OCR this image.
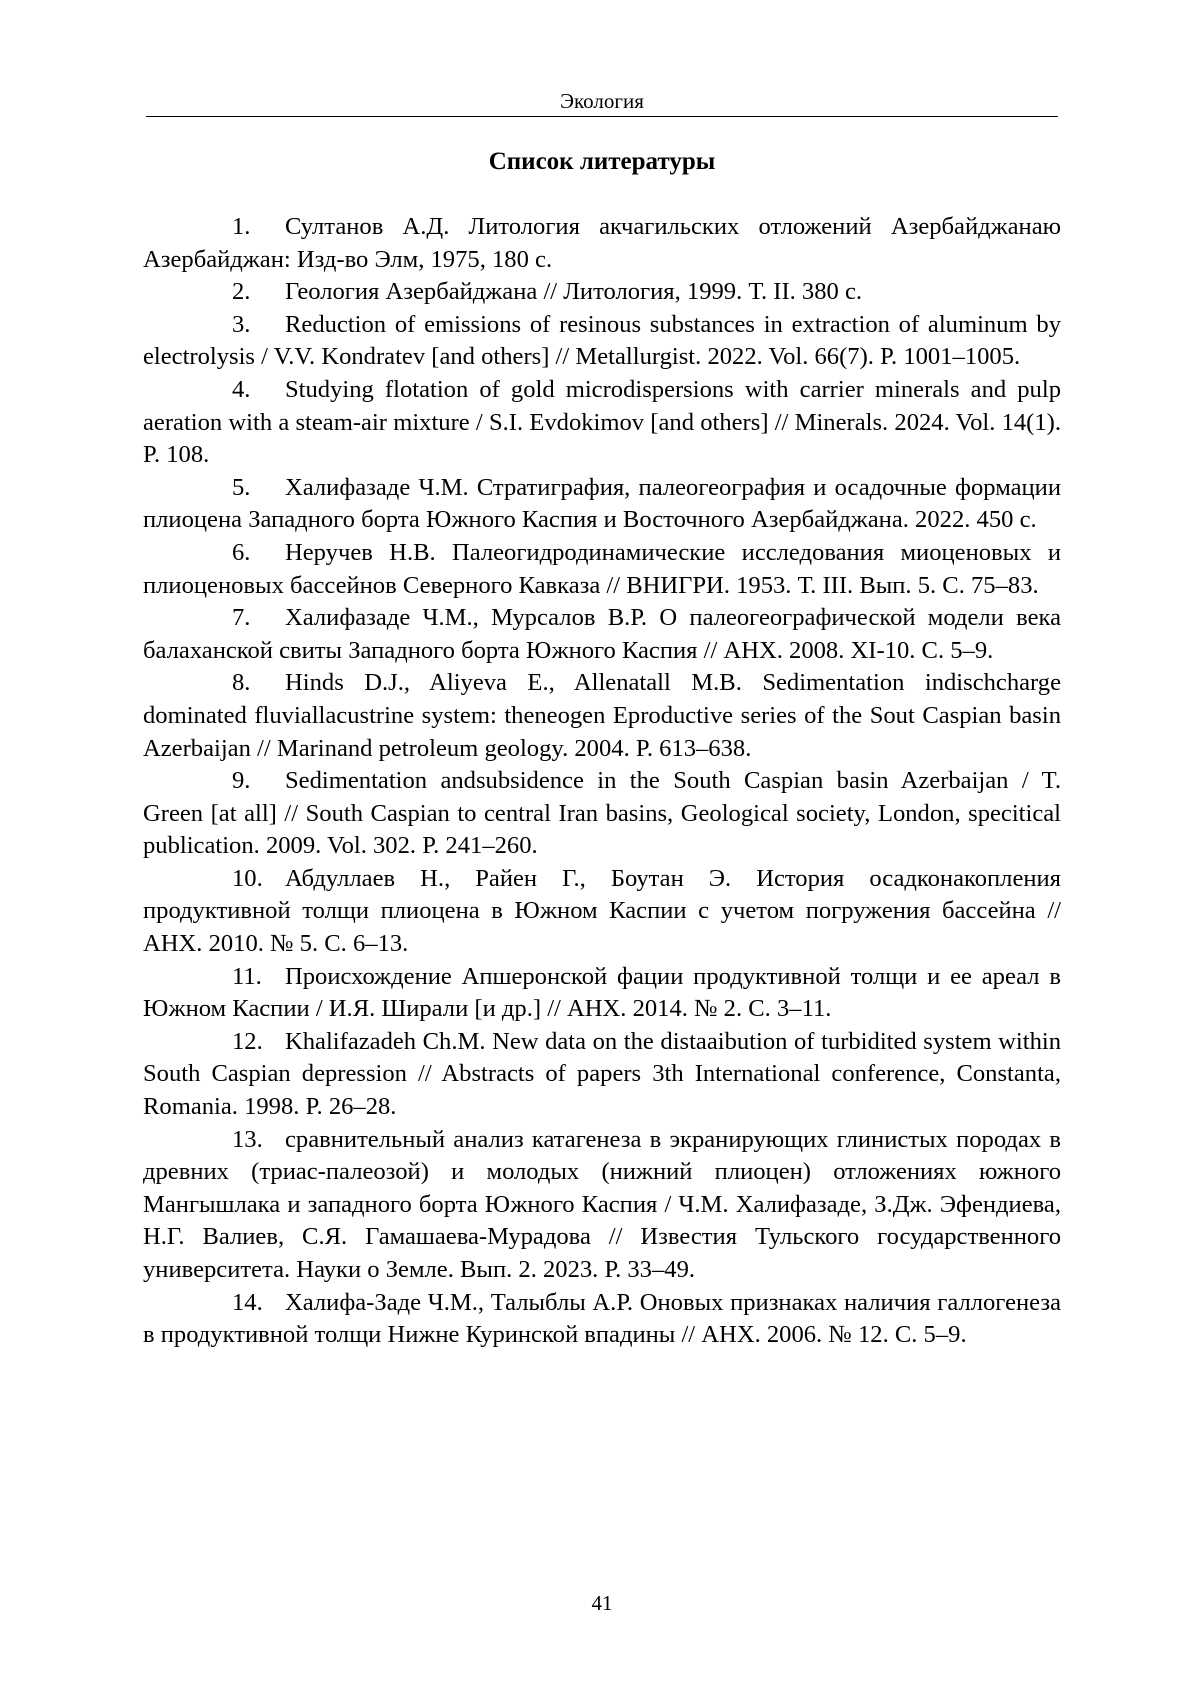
Экология
Список литературы
1. Султанов А.Д. Литология акчагильских отложений Азербайджанаю Азербайджан: Изд-во Элм, 1975, 180 с.
2. Геология Азербайджана // Литология, 1999. Т. II. 380 с.
3. Reduction of emissions of resinous substances in extraction of aluminum by electrolysis / V.V. Kondratev [and others] // Metallurgist. 2022. Vol. 66(7). P. 1001–1005.
4. Studying flotation of gold microdispersions with carrier minerals and pulp aeration with a steam-air mixture / S.I. Evdokimov [and others] // Minerals. 2024. Vol. 14(1). P. 108.
5. Халифазаде Ч.М. Стратиграфия, палеогеография и осадочные формации плиоцена Западного борта Южного Каспия и Восточного Азербайджана. 2022. 450 с.
6. Неручев Н.В. Палеогидродинамические исследования миоценовых и плиоценовых бассейнов Северного Кавказа // ВНИГРИ. 1953. Т. III. Вып. 5. С. 75–83.
7. Халифазаде Ч.М., Мурсалов В.Р. О палеогеографической модели века балаханской свиты Западного борта Южного Каспия // АНХ. 2008. XI-10. С. 5–9.
8. Hinds D.J., Aliyeva E., Allenatall M.B. Sedimentation indischcharge dominated fluviallacustrine system: theneogen Eproductive series of the Sout Caspian basin Azerbaijan // Marinand petroleum geology. 2004. P. 613–638.
9. Sedimentation andsubsidence in the South Caspian basin Azerbaijan / T. Green [at all] // South Caspian to central Iran basins, Geological society, London, specitical publication. 2009. Vol. 302. P. 241–260.
10. Абдуллаев Н., Райен Г., Боутан Э. История осадконакопления продуктивной толщи плиоцена в Южном Каспии с учетом погружения бассейна // АНХ. 2010. № 5. С. 6–13.
11. Происхождение Апшеронской фации продуктивной толщи и ее ареал в Южном Каспии / И.Я. Ширали [и др.] // АНХ. 2014. № 2. С. 3–11.
12. Khalifazadeh Ch.M. New data on the distaaibution of turbidited system within South Caspian depression // Abstracts of papers 3th International conference, Constanta, Romania. 1998. P. 26–28.
13. сравнительный анализ катагенеза в экранирующих глинистых породах в древних (триас-палеозой) и молодых (нижний плиоцен) отложениях южного Мангышлака и западного борта Южного Каспия / Ч.М. Халифазаде, З.Дж. Эфендиева, Н.Г. Валиев, С.Я. Гамашаева-Мурадова // Известия Тульского государственного университета. Науки о Земле. Вып. 2. 2023. Р. 33–49.
14. Халифа-Заде Ч.М., Талыблы А.Р. Оновых признаках наличия галлогенеза в продуктивной толщи Нижне Куринской впадины // АНХ. 2006. № 12. С. 5–9.
41
